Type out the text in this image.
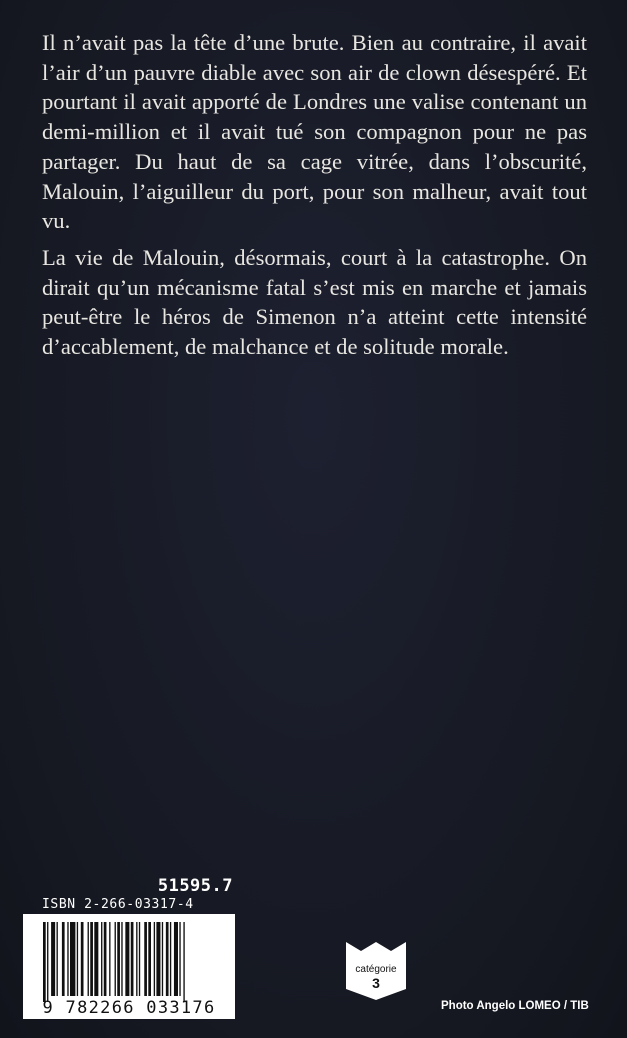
Il n’avait pas la tête d’une brute. Bien au contraire, il avait l’air d’un pauvre diable avec son air de clown désespéré. Et pourtant il avait apporté de Londres une valise contenant un demi-million et il avait tué son compagnon pour ne pas partager. Du haut de sa cage vitrée, dans l’obscurité, Malouin, l’aiguilleur du port, pour son malheur, avait tout vu.

La vie de Malouin, désormais, court à la catastrophe. On dirait qu’un mécanisme fatal s’est mis en marche et jamais peut-être le héros de Simenon n’a atteint cette intensité d’accablement, de malchance et de solitude morale.

51595.7
ISBN 2-266-03317-4
9 782266 033176
catégorie
3
Photo Angelo LOMEO / TIB
